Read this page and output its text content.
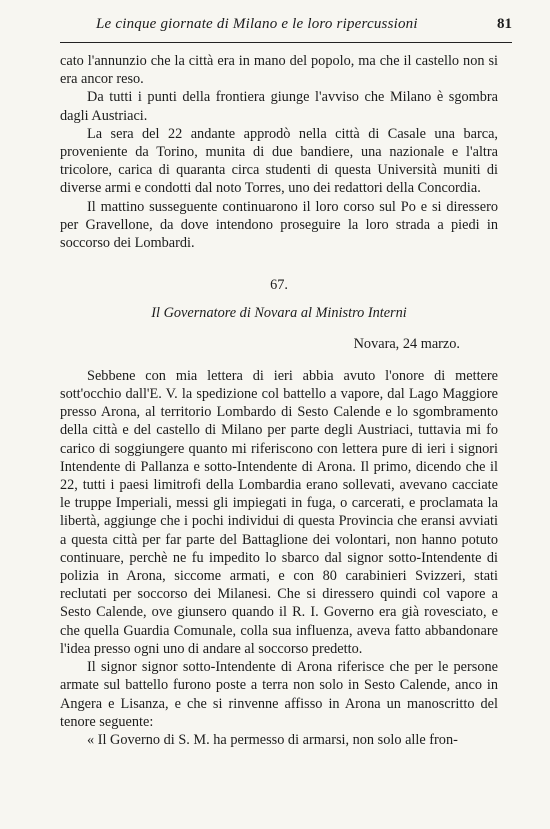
Le cinque giornate di Milano e le loro ripercussioni	81

cato l'annunzio che la città era in mano del popolo, ma che il castello non si era ancor reso.

Da tutti i punti della frontiera giunge l'avviso che Milano è sgombra dagli Austriaci.

La sera del 22 andante approdò nella città di Casale una barca, proveniente da Torino, munita di due bandiere, una nazionale e l'altra tricolore, carica di quaranta circa studenti di questa Università muniti di diverse armi e condotti dal noto Torres, uno dei redattori della Concordia.

Il mattino susseguente continuarono il loro corso sul Po e si diressero per Gravellone, da dove intendono proseguire la loro strada a piedi in soccorso dei Lombardi.

67.
Il Governatore di Novara al Ministro Interni
Novara, 24 marzo.

Sebbene con mia lettera di ieri abbia avuto l'onore di mettere sott'occhio dall'E. V. la spedizione col battello a vapore, dal Lago Maggiore presso Arona, al territorio Lombardo di Sesto Calende e lo sgombramento della città e del castello di Milano per parte degli Austriaci, tuttavia mi fo carico di soggiungere quanto mi riferiscono con lettera pure di ieri i signori Intendente di Pallanza e sotto-Intendente di Arona. Il primo, dicendo che il 22, tutti i paesi limitrofi della Lombardia erano sollevati, avevano cacciate le truppe Imperiali, messi gli impiegati in fuga, o carcerati, e proclamata la libertà, aggiunge che i pochi individui di questa Provincia che eransi avviati a questa città per far parte del Battaglione dei volontari, non hanno potuto continuare, perchè ne fu impedito lo sbarco dal signor sotto-Intendente di polizia in Arona, siccome armati, e con 80 carabinieri Svizzeri, stati reclutati per soccorso dei Milanesi. Che si diressero quindi col vapore a Sesto Calende, ove giunsero quando il R. I. Governo era già rovesciato, e che quella Guardia Comunale, colla sua influenza, aveva fatto abbandonare l'idea presso ogni uno di andare al soccorso predetto.

Il signor signor sotto-Intendente di Arona riferisce che per le persone armate sul battello furono poste a terra non solo in Sesto Calende, anco in Angera e Lisanza, e che si rinvenne affisso in Arona un manoscritto del tenore seguente:

« Il Governo di S. M. ha permesso di armarsi, non solo alle fron-
